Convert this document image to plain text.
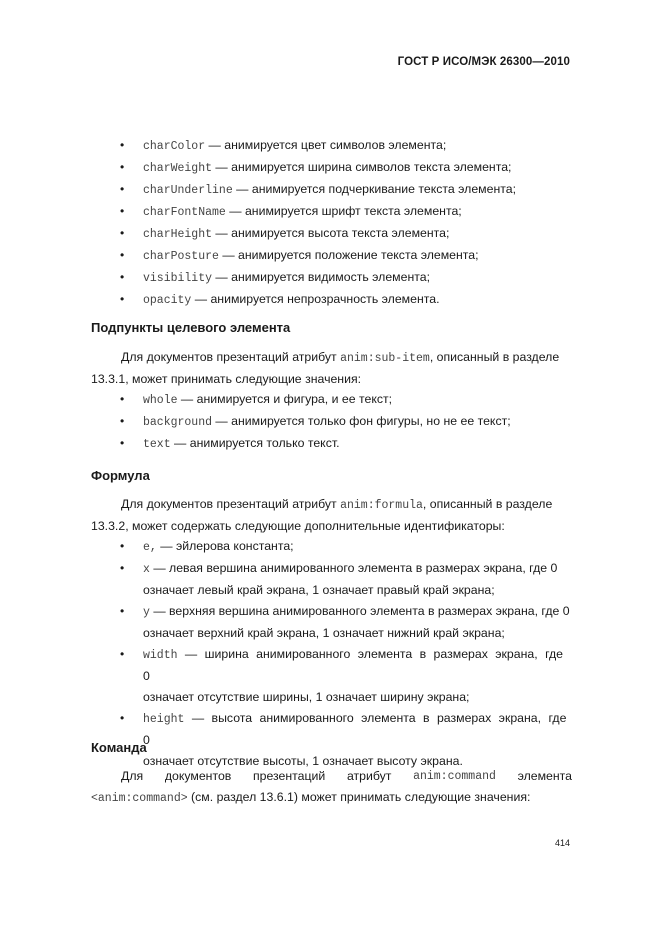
ГОСТ Р ИСО/МЭК 26300—2010
• charColor — анимируется цвет символов элемента;
• charWeight — анимируется ширина символов текста элемента;
• charUnderline — анимируется подчеркивание текста элемента;
• charFontName — анимируется шрифт текста элемента;
• charHeight — анимируется высота текста элемента;
• charPosture — анимируется положение текста элемента;
• visibility — анимируется видимость элемента;
• opacity — анимируется непрозрачность элемента.
Подпункты целевого элемента
Для документов презентаций атрибут anim:sub-item, описанный в разделе
13.3.1, может принимать следующие значения:
• whole — анимируется и фигура, и ее текст;
• background — анимируется только фон фигуры, но не ее текст;
• text — анимируется только текст.
Формула
Для документов презентаций атрибут anim:formula, описанный в разделе
13.3.2, может содержать следующие дополнительные идентификаторы:
• e, — эйлерова константа;
• x — левая вершина анимированного элемента в размерах экрана, где 0
означает левый край экрана, 1 означает правый край экрана;
• y — верхняя вершина анимированного элемента в размерах экрана, где 0
означает верхний край экрана, 1 означает нижний край экрана;
• width — ширина анимированного элемента в размерах экрана, где 0
означает отсутствие ширины, 1 означает ширину экрана;
• height — высота анимированного элемента в размерах экрана, где 0
означает отсутствие высоты, 1 означает высоту экрана.
Команда
Для документов презентаций атрибут anim:command элемента
<anim:command> (см. раздел 13.6.1) может принимать следующие значения:
414
